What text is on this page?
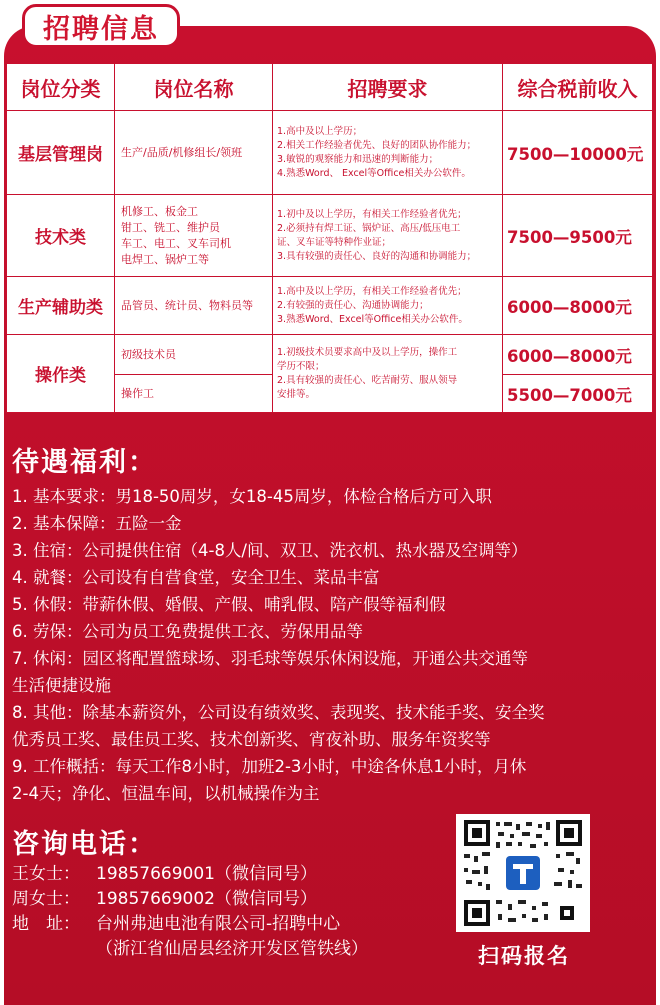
招聘信息
岗位分类	岗位名称	招聘要求	综合税前收入
基层管理岗	生产/品质/机修组长/领班	1.高中及以上学历；
2.相关工作经验者优先、良好的团队协作能力；
3.敏锐的观察能力和迅速的判断能力；
4.熟悉Word、 Excel等Office相关办公软件。	7500—10000元
技术类	机修工、板金工
钳工、铣工、维护员
车工、电工、叉车司机
电焊工、锅炉工等	1.初中及以上学历，有相关工作经验者优先；
2.必须持有焊工证、锅炉证、高压/低压电工
证、叉车证等特种作业证；
3.具有较强的责任心、良好的沟通和协调能力；	7500—9500元
生产辅助类	品管员、统计员、物料员等	1.高中及以上学历，有相关工作经验者优先；
2.有较强的责任心、沟通协调能力；
3.熟悉Word、Excel等Office相关办公软件。	6000—8000元
操作类	初级技术员	1.初级技术员要求高中及以上学历，操作工
学历不限；
2.具有较强的责任心、吃苦耐劳、服从领导
安排等。	6000—8000元
	操作工		5500—7000元
待遇福利：
1. 基本要求：男18-50周岁，女18-45周岁，体检合格后方可入职
2. 基本保障：五险一金
3. 住宿：公司提供住宿（4-8人/间、双卫、洗衣机、热水器及空调等）
4. 就餐：公司设有自营食堂，安全卫生、菜品丰富
5. 休假：带薪休假、婚假、产假、哺乳假、陪产假等福利假
6. 劳保：公司为员工免费提供工衣、劳保用品等
7. 休闲：园区将配置篮球场、羽毛球等娱乐休闲设施，开通公共交通等
生活便捷设施
8. 其他：除基本薪资外，公司设有绩效奖、表现奖、技术能手奖、安全奖
优秀员工奖、最佳员工奖、技术创新奖、宵夜补助、服务年资奖等
9. 工作概括：每天工作8小时，加班2-3小时，中途各休息1小时，月休
2-4天；净化、恒温车间，以机械操作为主
咨询电话：
王女士： 19857669001（微信同号）
周女士： 19857669002（微信同号）
地　址： 台州弗迪电池有限公司-招聘中心
（浙江省仙居县经济开发区管铁线）	扫码报名
